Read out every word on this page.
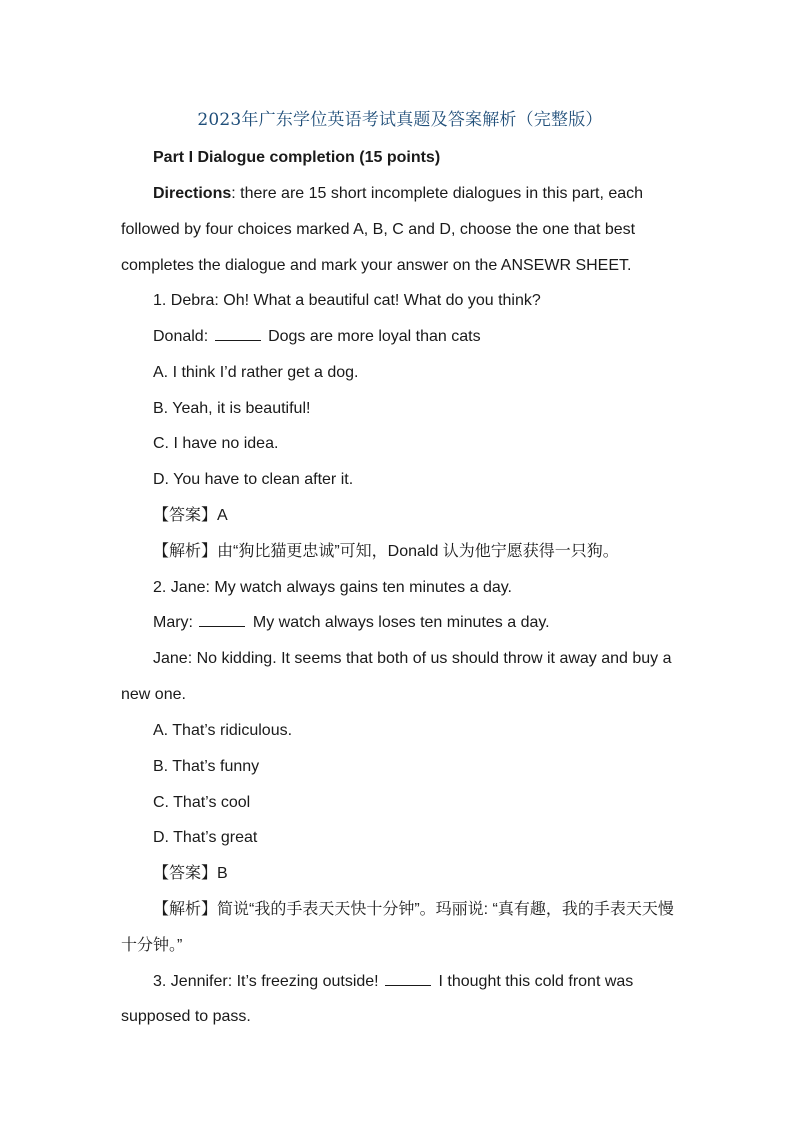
2023年广东学位英语考试真题及答案解析（完整版）
Part I Dialogue completion (15 points)
Directions: there are 15 short incomplete dialogues in this part, each
followed by four choices marked A, B, C and D, choose the one that best
completes the dialogue and mark your answer on the ANSEWR SHEET.
1. Debra: Oh! What a beautiful cat! What do you think?
Donald:	Dogs are more loyal than cats
A. I think I’d rather get a dog.
B. Yeah, it is beautiful!
C. I have no idea.
D. You have to clean after it.
【答案】A
【解析】由“狗比猫更忠诚”可知，Donald 认为他宁愿获得一只狗。
2. Jane: My watch always gains ten minutes a day.
Mary:	My watch always loses ten minutes a day.
Jane: No kidding. It seems that both of us should throw it away and buy a
new one.
A. That’s ridiculous.
B. That’s funny
C. That’s cool
D. That’s great
【答案】B
【解析】简说“我的手表天天快十分钟”。玛丽说: “真有趣，我的手表天天慢
十分钟。”
3. Jennifer: It’s freezing outside!	I thought this cold front was
supposed to pass.
